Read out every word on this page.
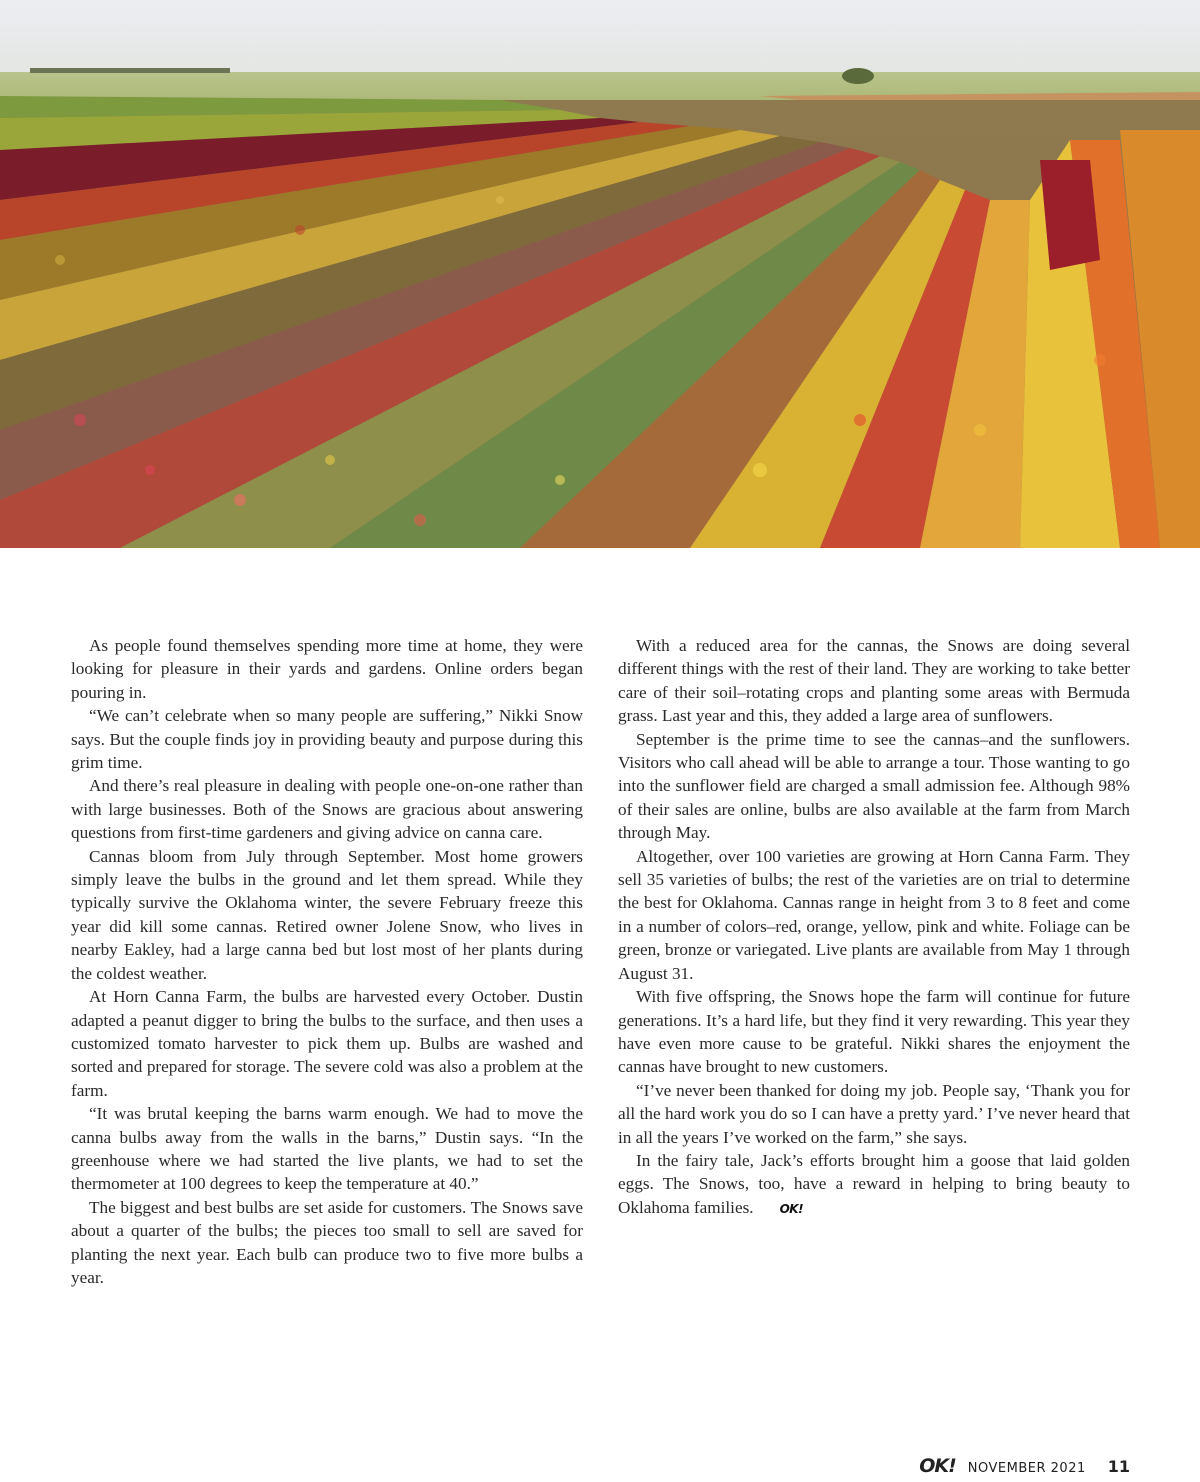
As people found themselves spending more time at home, they were looking for pleasure in their yards and gardens. Online orders began pouring in.

“We can’t celebrate when so many people are suffering,” Nikki Snow says. But the couple finds joy in providing beauty and purpose during this grim time.

And there’s real pleasure in dealing with people one-on-one rather than with large businesses. Both of the Snows are gracious about answering questions from first-time gardeners and giving advice on canna care.

Cannas bloom from July through September. Most home growers simply leave the bulbs in the ground and let them spread. While they typically survive the Oklahoma winter, the severe February freeze this year did kill some cannas. Retired owner Jolene Snow, who lives in nearby Eakley, had a large canna bed but lost most of her plants during the coldest weather.

At Horn Canna Farm, the bulbs are harvested every October. Dustin adapted a peanut digger to bring the bulbs to the surface, and then uses a customized tomato harvester to pick them up. Bulbs are washed and sorted and prepared for storage. The severe cold was also a problem at the farm.

“It was brutal keeping the barns warm enough. We had to move the canna bulbs away from the walls in the barns,” Dustin says. “In the greenhouse where we had started the live plants, we had to set the thermometer at 100 degrees to keep the temperature at 40.”

The biggest and best bulbs are set aside for customers. The Snows save about a quarter of the bulbs; the pieces too small to sell are saved for planting the next year. Each bulb can produce two to five more bulbs a year.

With a reduced area for the cannas, the Snows are doing several different things with the rest of their land. They are working to take better care of their soil–rotating crops and planting some areas with Bermuda grass. Last year and this, they added a large area of sunflowers.

September is the prime time to see the cannas–and the sunflowers. Visitors who call ahead will be able to arrange a tour. Those wanting to go into the sunflower field are charged a small admission fee. Although 98% of their sales are online, bulbs are also available at the farm from March through May.

Altogether, over 100 varieties are growing at Horn Canna Farm. They sell 35 varieties of bulbs; the rest of the varieties are on trial to determine the best for Oklahoma. Cannas range in height from 3 to 8 feet and come in a number of colors–red, orange, yellow, pink and white. Foliage can be green, bronze or variegated. Live plants are available from May 1 through August 31.

With five offspring, the Snows hope the farm will continue for future generations. It’s a hard life, but they find it very rewarding. This year they have even more cause to be grateful. Nikki shares the enjoyment the cannas have brought to new customers.

“I’ve never been thanked for doing my job. People say, ‘Thank you for all the hard work you do so I can have a pretty yard.’ I’ve never heard that in all the years I’ve worked on the farm,” she says.

In the fairy tale, Jack’s efforts brought him a goose that laid golden eggs. The Snows, too, have a reward in helping to bring beauty to Oklahoma families. OK!

OK! NOVEMBER 2021 11
